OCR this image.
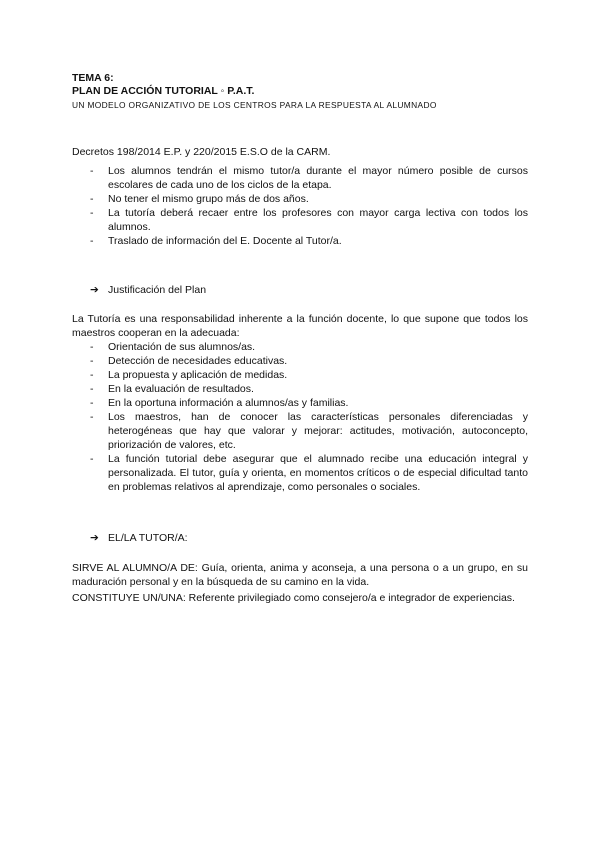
TEMA 6:
PLAN DE ACCIÓN TUTORIAL ◦ P.A.T.
UN MODELO ORGANIZATIVO DE LOS CENTROS PARA LA RESPUESTA AL ALUMNADO
Decretos 198/2014 E.P. y 220/2015 E.S.O de la CARM.
- Los alumnos tendrán el mismo tutor/a durante el mayor número posible de cursos escolares de cada uno de los ciclos de la etapa.
- No tener el mismo grupo más de dos años.
- La tutoría deberá recaer entre los profesores con mayor carga lectiva con todos los alumnos.
- Traslado de información del E. Docente al Tutor/a.
➔ Justificación del Plan
La Tutoría es una responsabilidad inherente a la función docente, lo que supone que todos los maestros cooperan en la adecuada:
- Orientación de sus alumnos/as.
- Detección de necesidades educativas.
- La propuesta y aplicación de medidas.
- En la evaluación de resultados.
- En la oportuna información a alumnos/as y familias.
- Los maestros, han de conocer las características personales diferenciadas y heterogéneas que hay que valorar y mejorar: actitudes, motivación, autoconcepto, priorización de valores, etc.
- La función tutorial debe asegurar que el alumnado recibe una educación integral y personalizada. El tutor, guía y orienta, en momentos críticos o de especial dificultad tanto en problemas relativos al aprendizaje, como personales o sociales.
➔ EL/LA TUTOR/A:
SIRVE AL ALUMNO/A DE: Guía, orienta, anima y aconseja, a una persona o a un grupo, en su maduración personal y en la búsqueda de su camino en la vida.
CONSTITUYE UN/UNA: Referente privilegiado como consejero/a e integrador de experiencias.
